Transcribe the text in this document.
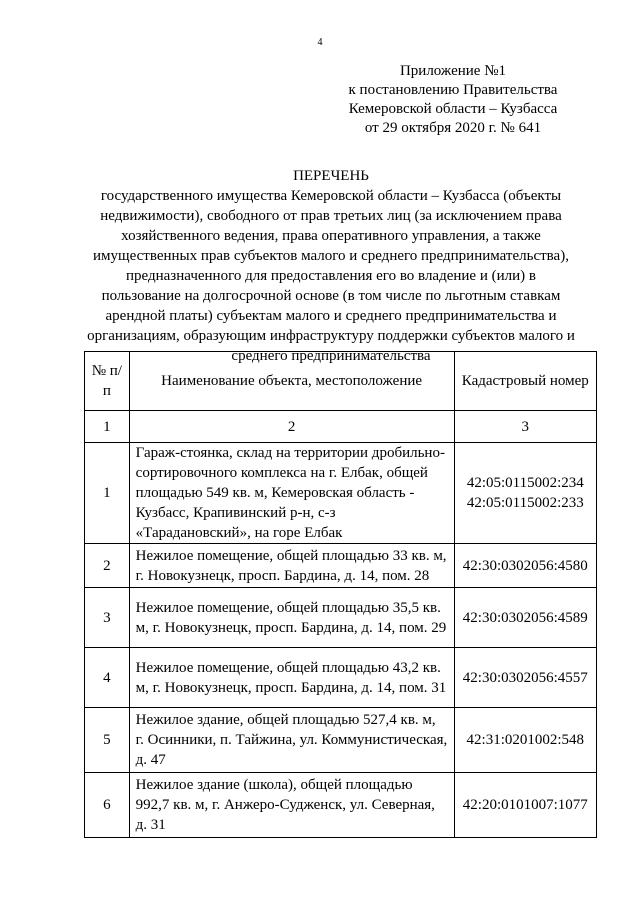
4
Приложение №1
к постановлению Правительства
Кемеровской области – Кузбасса
от 29 октября 2020 г. № 641
ПЕРЕЧЕНЬ
государственного имущества Кемеровской области – Кузбасса (объекты недвижимости), свободного от прав третьих лиц (за исключением права хозяйственного ведения, права оперативного управления, а также имущественных прав субъектов малого и среднего предпринимательства), предназначенного для предоставления его во владение и (или) в пользование на долгосрочной основе (в том числе по льготным ставкам арендной платы) субъектам малого и среднего предпринимательства и организациям, образующим инфраструктуру поддержки субъектов малого и среднего предпринимательства
№ п/п	Наименование объекта, местоположение	Кадастровый номер
1	2	3
1	Гараж-стоянка, склад на территории дробильно-сортировочного комплекса на г. Елбак, общей площадью 549 кв. м, Кемеровская область - Кузбасс, Крапивинский р-н, с-з «Тарадановский», на горе Елбак	42:05:0115002:234
42:05:0115002:233

2	Нежилое помещение, общей площадью 33 кв. м, г. Новокузнецк, просп. Бардина, д. 14, пом. 28	42:30:0302056:4580

3	Нежилое помещение, общей площадью 35,5 кв. м, г. Новокузнецк, просп. Бардина, д. 14, пом. 29	42:30:0302056:4589

4	Нежилое помещение, общей площадью 43,2 кв. м, г. Новокузнецк, просп. Бардина, д. 14, пом. 31	42:30:0302056:4557

5	Нежилое здание, общей площадью 527,4 кв. м, г. Осинники, п. Тайжина, ул. Коммунистическая, д. 47	42:31:0201002:548

6	Нежилое здание (школа), общей площадью 992,7 кв. м, г. Анжеро-Судженск, ул. Северная, д. 31	42:20:0101007:1077
